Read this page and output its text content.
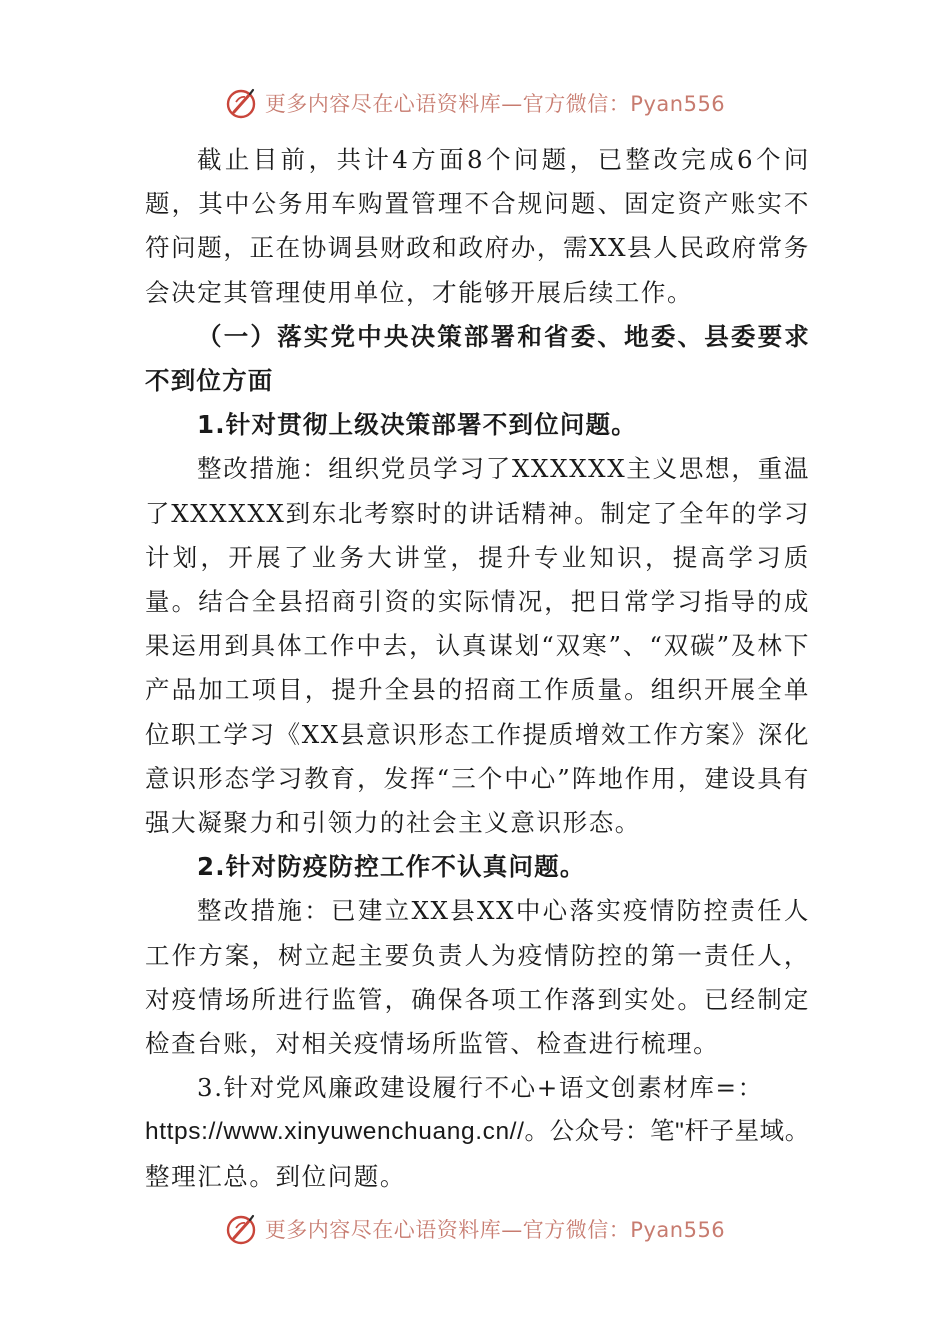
更多内容尽在心语资料库—官方微信：Pyan556

截止目前，共计4方面8个问题，已整改完成6个问题，其中公务用车购置管理不合规问题、固定资产账实不符问题，正在协调县财政和政府办，需XX县人民政府常务会决定其管理使用单位，才能够开展后续工作。

（一）落实党中央决策部署和省委、地委、县委要求不到位方面

1.针对贯彻上级决策部署不到位问题。

整改措施：组织党员学习了XXXXXX主义思想，重温了XXXXXX到东北考察时的讲话精神。制定了全年的学习计划，开展了业务大讲堂，提升专业知识，提高学习质量。结合全县招商引资的实际情况，把日常学习指导的成果运用到具体工作中去，认真谋划“双寒”、“双碳”及林下产品加工项目，提升全县的招商工作质量。组织开展全单位职工学习《XX县意识形态工作提质增效工作方案》深化意识形态学习教育，发挥“三个中心”阵地作用，建设具有强大凝聚力和引领力的社会主义意识形态。

2.针对防疫防控工作不认真问题。

整改措施：已建立XX县XX中心落实疫情防控责任人工作方案，树立起主要负责人为疫情防控的第一责任人，对疫情场所进行监管，确保各项工作落到实处。已经制定检查台账，对相关疫情场所监管、检查进行梳理。

3.针对党风廉政建设履行不心+语文创素材库=：

https://www.xinyuwenchuang.cn//。公众号：笔"杆子星域。

整理汇总。到位问题。

更多内容尽在心语资料库—官方微信：Pyan556
